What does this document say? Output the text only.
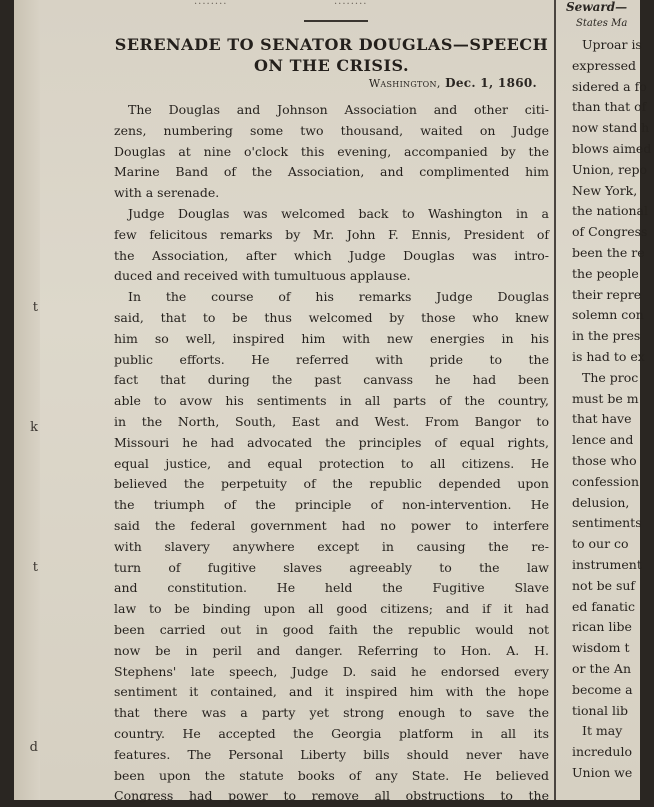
t
k
t
d
........	........
SERENADE TO SENATOR DOUGLAS—SPEECH
ON THE CRISIS.
Washington, Dec. 1, 1860.
The Douglas and Johnson Association and other citi-
zens, numbering some two thousand, waited on Judge
Douglas at nine o'clock this evening, accompanied by the
Marine Band of the Association, and complimented him
with a serenade.
Judge Douglas was welcomed back to Washington in a
few felicitous remarks by Mr. John F. Ennis, President of
the Association, after which Judge Douglas was intro-
duced and received with tumultuous applause.
In the course of his remarks Judge Douglas
said, that to be thus welcomed by those who knew
him so well, inspired him with new energies in his
public efforts. He referred with pride to the
fact that during the past canvass he had been
able to avow his sentiments in all parts of the country,
in the North, South, East and West. From Bangor to
Missouri he had advocated the principles of equal rights,
equal justice, and equal protection to all citizens. He
believed the perpetuity of the republic depended upon
the triumph of the principle of non-intervention. He
said the federal government had no power to interfere
with slavery anywhere except in causing the re-
turn of fugitive slaves agreeably to the law
and constitution. He held the Fugitive Slave
law to be binding upon all good citizens; and if it had
been carried out in good faith the republic would not
now be in peril and danger. Referring to Hon. A. H.
Stephens' late speech, Judge D. said he endorsed every
sentiment it contained, and it inspired him with the hope
that there was a party yet strong enough to save the
country. He accepted the Georgia platform in all its
features. The Personal Liberty bills should never have
been upon the statute books of any State. He believed
Congress had power to remove all obstructions to the
Seward—
States Ma
Uproar is
expressed
sidered a fo
than that of
now stand h
blows aimed
Union, repo
New York,
the national
of Congress
been the re
the people
their repre
solemn con
in the pres
is had to ex
The proc
must be m
that have
lence and
those who
confession
delusion,
sentiments
to our co
instrument
not be suf
ed fanatic
rican libe
wisdom t
or the An
become a
tional lib
It may
incredulo
Union we
